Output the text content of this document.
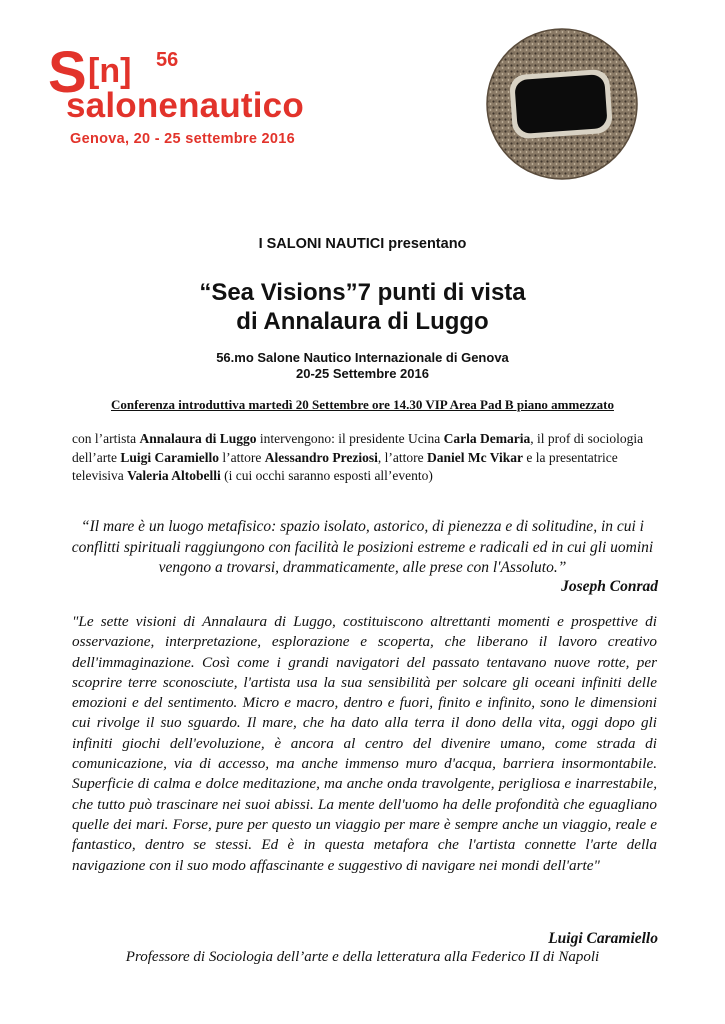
S [n] 56
salonenautico
Genova, 20 - 25 settembre 2016
I SALONI NAUTICI presentano
“Sea Visions”7 punti di vista
di Annalaura di Luggo
56.mo Salone Nautico Internazionale di Genova
20-25 Settembre 2016
Conferenza introduttiva martedì 20 Settembre ore 14.30 VIP Area Pad B piano ammezzato
con l’artista Annalaura di Luggo intervengono: il presidente Ucina Carla Demaria, il prof di sociologia dell’arte Luigi Caramiello l’attore Alessandro Preziosi, l’attore Daniel Mc Vikar e la presentatrice televisiva Valeria Altobelli (i cui occhi saranno esposti all’evento)
“Il mare è un luogo metafisico: spazio isolato, astorico, di pienezza e di solitudine, in cui i conflitti spirituali raggiungono con facilità le posizioni estreme e radicali ed in cui gli uomini vengono a trovarsi, drammaticamente, alle prese con l'Assoluto.”
Joseph Conrad
"Le sette visioni di Annalaura di Luggo, costituiscono altrettanti momenti e prospettive di osservazione, interpretazione, esplorazione e scoperta, che liberano il lavoro creativo dell'immaginazione. Così come i grandi navigatori del passato tentavano nuove rotte, per scoprire terre sconosciute, l'artista usa la sua sensibilità per solcare gli oceani infiniti delle emozioni e del sentimento. Micro e macro, dentro e fuori, finito e infinito, sono le dimensioni cui rivolge il suo sguardo. Il mare, che ha dato alla terra il dono della vita, oggi dopo gli infiniti giochi dell'evoluzione, è ancora al centro del divenire umano, come strada di comunicazione, via di accesso, ma anche immenso muro d'acqua, barriera insormontabile. Superficie di calma e dolce meditazione, ma anche onda travolgente, perigliosa e inarrestabile, che tutto può trascinare nei suoi abissi. La mente dell'uomo ha delle profondità che eguagliano quelle dei mari. Forse, pure per questo un viaggio per mare è sempre anche un viaggio, reale e fantastico, dentro se stessi. Ed è in questa metafora che l'artista connette l'arte della navigazione con il suo modo affascinante e suggestivo di navigare nei mondi dell'arte"
Luigi Caramiello
Professore di Sociologia dell’arte e della letteratura alla Federico II di Napoli
